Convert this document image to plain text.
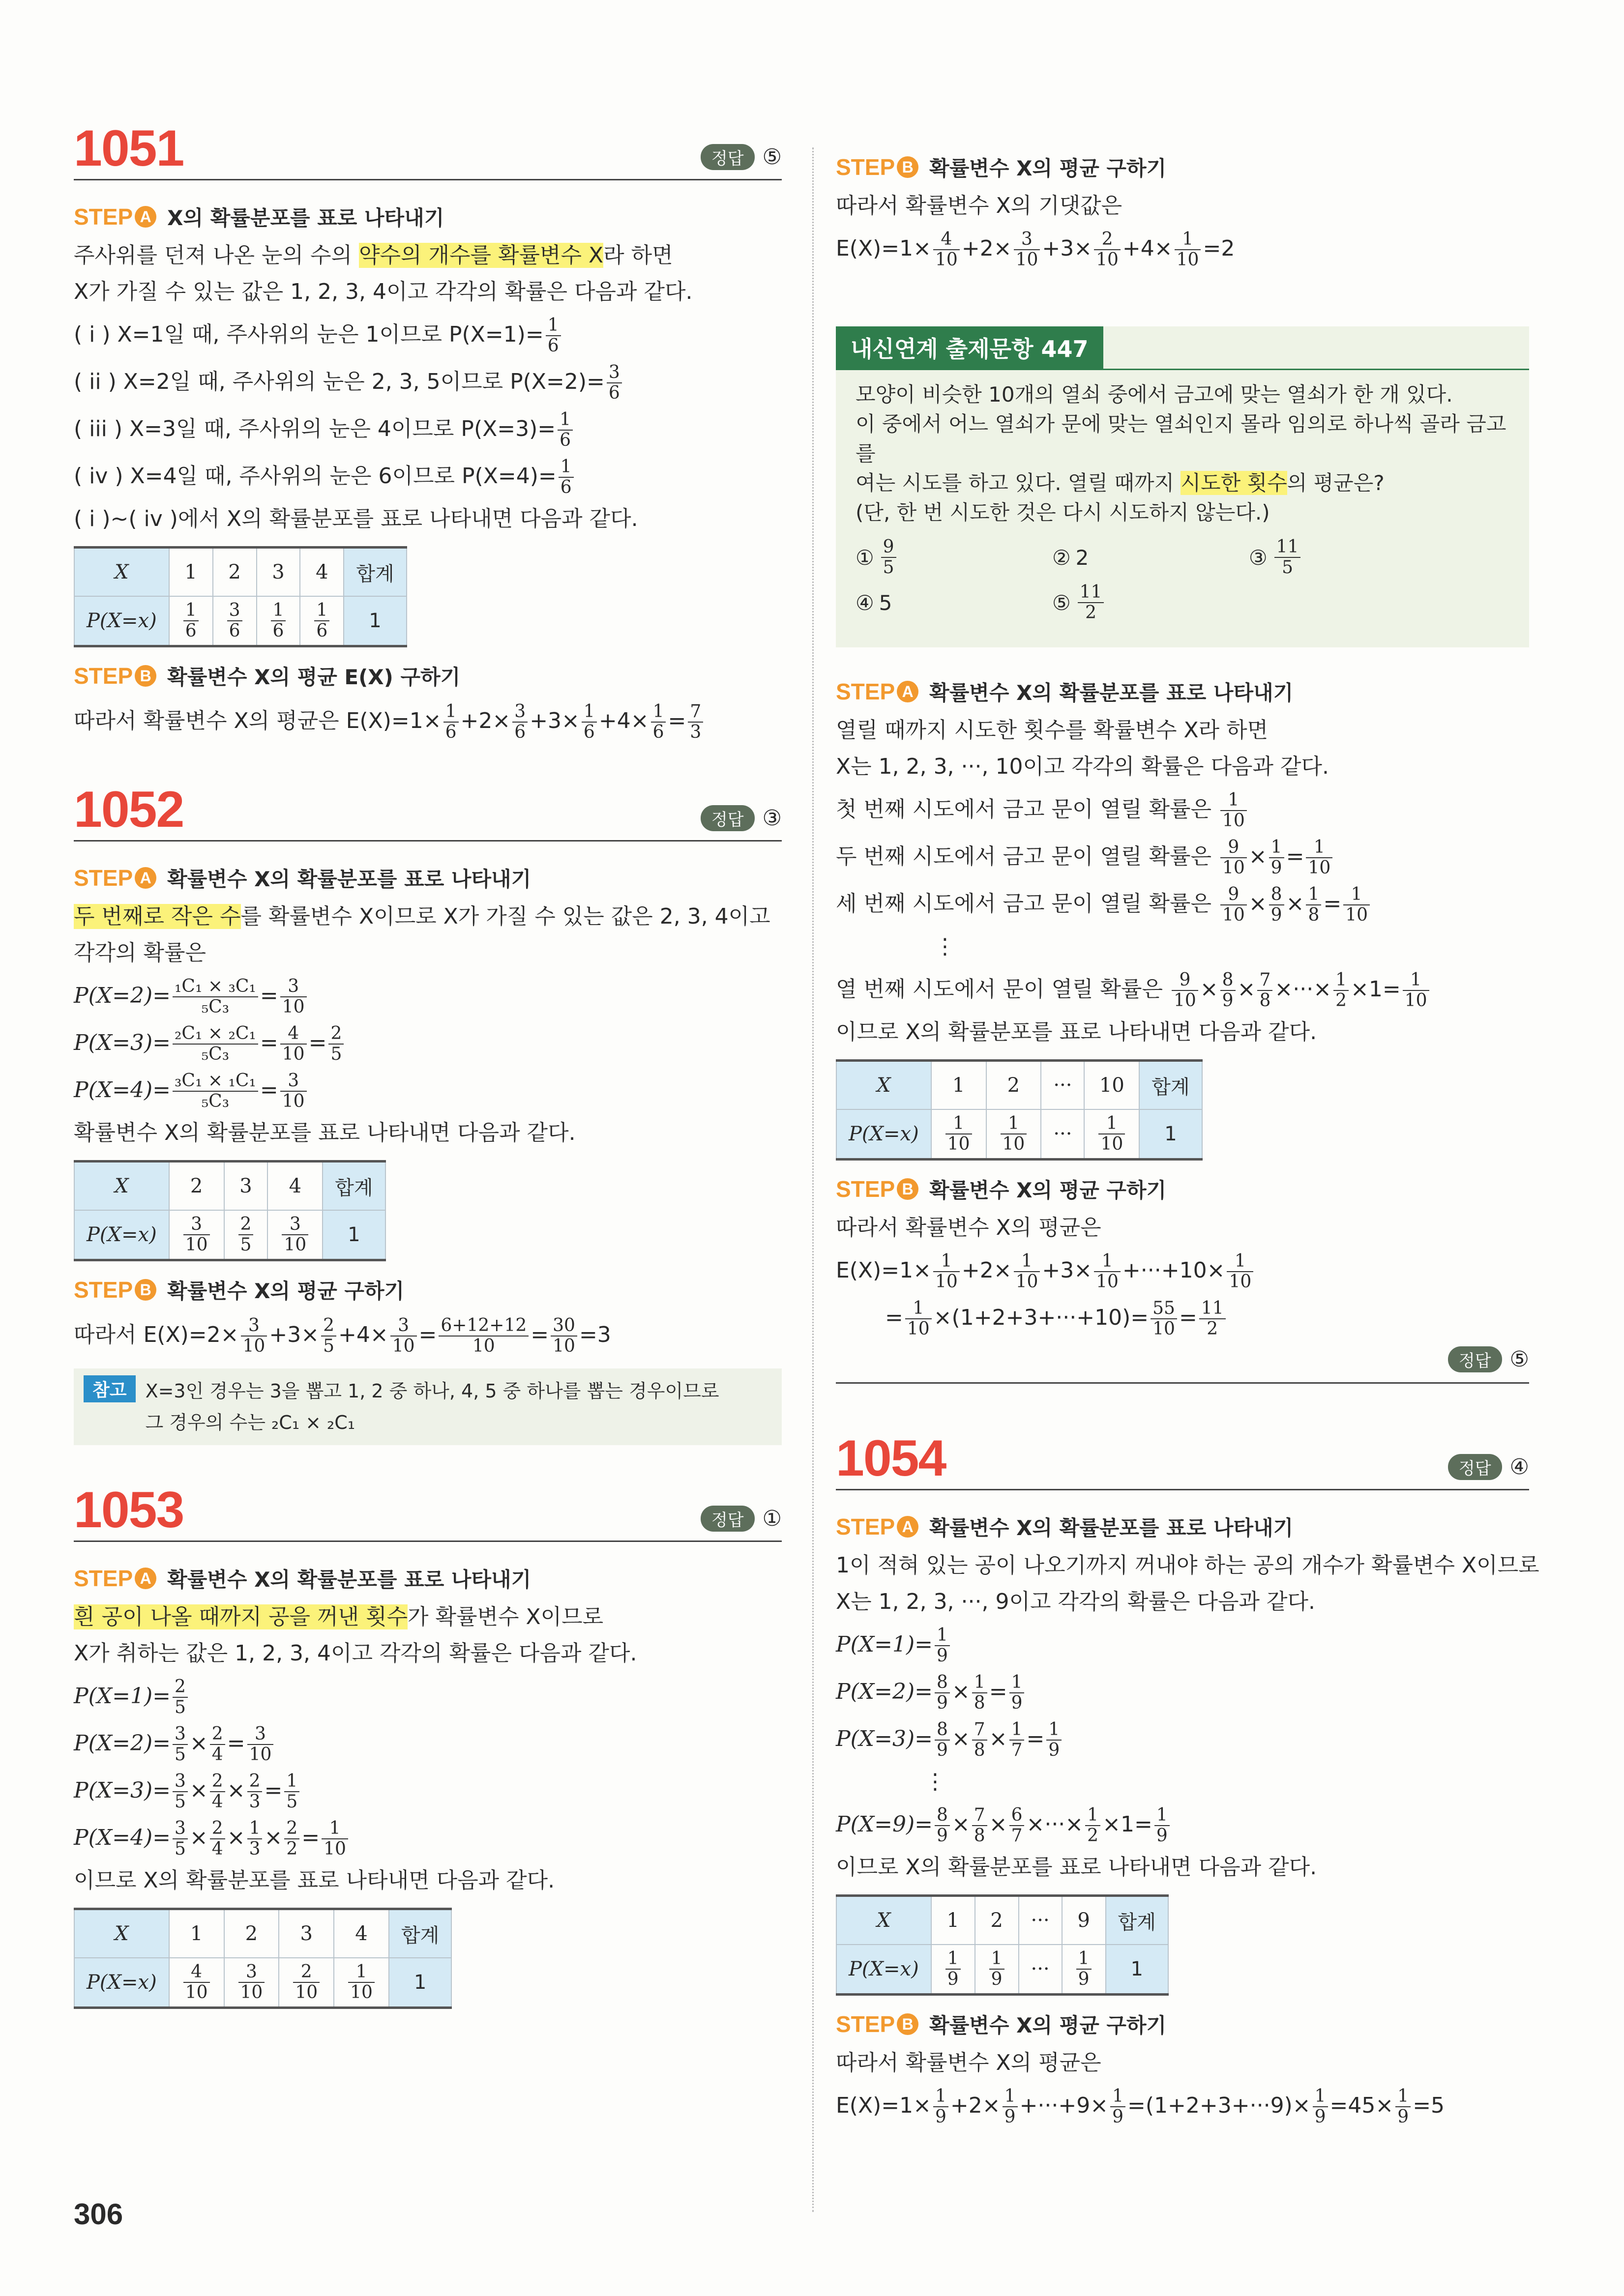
1051	정답 ⑤
STEP A X의 확률분포를 표로 나타내기
주사위를 던져 나온 눈의 수의 약수의 개수를 확률변수 X라 하면
X가 가질 수 있는 값은 1, 2, 3, 4이고 각각의 확률은 다음과 같다.
( i ) X=1일 때, 주사위의 눈은 1이므로 $P(X=1)= \frac{1}{6}$
( ii ) X=2일 때, 주사위의 눈은 2, 3, 5이므로 $P(X=2)= \frac{3}{6}$
( iii ) X=3일 때, 주사위의 눈은 4이므로 $P(X=3)= \frac{1}{6}$
( iv ) X=4일 때, 주사위의 눈은 6이므로 $P(X=4)= \frac{1}{6}$
( i )~( iv )에서 X의 확률분포를 표로 나타내면 다음과 같다.
X	1	2	3	4	합계
P(X=x)	$\frac{1}{6}$	$\frac{3}{6}$	$\frac{1}{6}$	$\frac{1}{6}$	1
STEP B 확률변수 X의 평균 E(X) 구하기
따라서 확률변수 X의 평균은 $E(X)=1\times \frac{1}{6} +2\times \frac{3}{6} +3\times \frac{1}{6} +4\times \frac{1}{6} = \frac{7}{3}$
1052	정답 ③
STEP A 확률변수 X의 확률분포를 표로 나타내기
두 번째로 작은 수를 확률변수 X이므로 X가 가질 수 있는 값은 2, 3, 4이고
각각의 확률은
$P(X=2)= \frac{\text{₁C₁ × ₃C₁}}{\text{₅C₃}} = \frac{3}{10}$
$P(X=3)= \frac{\text{₂C₁ × ₂C₁}}{\text{₅C₃}} = \frac{4}{10} = \frac{2}{5}$
$P(X=4)= \frac{\text{₃C₁ × ₁C₁}}{\text{₅C₃}} = \frac{3}{10}$
확률변수 X의 확률분포를 표로 나타내면 다음과 같다.
X	2	3	4	합계
P(X=x)	$\frac{3}{10}$	$\frac{2}{5}$	$\frac{3}{10}$	1
STEP B 확률변수 X의 평균 구하기
따라서 $E(X)=2\times \frac{3}{10} +3\times \frac{2}{5} +4\times \frac{3}{10} = \frac{6+12+12}{10} = \frac{30}{10} =3$
참고	X=3인 경우는 3을 뽑고 1, 2 중 하나, 4, 5 중 하나를 뽑는 경우이므로
그 경우의 수는 ₂C₁ × ₂C₁
1053	정답 ①
STEP A 확률변수 X의 확률분포를 표로 나타내기
흰 공이 나올 때까지 공을 꺼낸 횟수가 확률변수 X이므로
X가 취하는 값은 1, 2, 3, 4이고 각각의 확률은 다음과 같다.
$P(X=1)= \frac{2}{5}$
$P(X=2)= \frac{3}{5} \times \frac{2}{4} = \frac{3}{10}$
$P(X=3)= \frac{3}{5} \times \frac{2}{4} \times \frac{2}{3} = \frac{1}{5}$
$P(X=4)= \frac{3}{5} \times \frac{2}{4} \times \frac{1}{3} \times \frac{2}{2} = \frac{1}{10}$
이므로 X의 확률분포를 표로 나타내면 다음과 같다.
X	1	2	3	4	합계
P(X=x)	$\frac{4}{10}$	$\frac{3}{10}$	$\frac{2}{10}$	$\frac{1}{10}$	1
STEP B 확률변수 X의 평균 구하기
따라서 확률변수 X의 기댓값은
$E(X)=1\times \frac{4}{10} +2\times \frac{3}{10} +3\times \frac{2}{10} +4\times \frac{1}{10} =2$
내신연계 출제문항 447
모양이 비슷한 10개의 열쇠 중에서 금고에 맞는 열쇠가 한 개 있다.
이 중에서 어느 열쇠가 문에 맞는 열쇠인지 몰라 임의로 하나씩 골라 금고를
여는 시도를 하고 있다. 열릴 때까지 시도한 횟수의 평균은?
(단, 한 번 시도한 것은 다시 시도하지 않는다.)
① $\frac{9}{5}$	② 2	③ $\frac{11}{5}$
④ 5	⑤ $\frac{11}{2}$
STEP A 확률변수 X의 확률분포를 표로 나타내기
열릴 때까지 시도한 횟수를 확률변수 X라 하면
X는 1, 2, 3, ···, 10이고 각각의 확률은 다음과 같다.
첫 번째 시도에서 금고 문이 열릴 확률은 $\frac{1}{10}$
두 번째 시도에서 금고 문이 열릴 확률은 $\frac{9}{10} \times \frac{1}{9} = \frac{1}{10}$
세 번째 시도에서 금고 문이 열릴 확률은 $\frac{9}{10} \times \frac{8}{9} \times \frac{1}{8} = \frac{1}{10}$
⋮
열 번째 시도에서 문이 열릴 확률은 $\frac{9}{10} \times \frac{8}{9} \times \frac{7}{8}$ ×···× $\frac{1}{2} \times 1= \frac{1}{10}$
이므로 X의 확률분포를 표로 나타내면 다음과 같다.
X	1	2	···	10	합계
P(X=x)	$\frac{1}{10}$	$\frac{1}{10}$	···	$\frac{1}{10}$	1
STEP B 확률변수 X의 평균 구하기
따라서 확률변수 X의 평균은
$E(X)=1\times \frac{1}{10} +2\times \frac{1}{10} +3\times \frac{1}{10} +\cdot\cdot\cdot+10\times \frac{1}{10}$
= $\frac{1}{10} \times(1+2+3+\cdot\cdot\cdot+10)= \frac{55}{10} = \frac{11}{2}$
정답 ⑤
1054	정답 ④
STEP A 확률변수 X의 확률분포를 표로 나타내기
1이 적혀 있는 공이 나오기까지 꺼내야 하는 공의 개수가 확률변수 X이므로
X는 1, 2, 3, ···, 9이고 각각의 확률은 다음과 같다.
$P(X=1)= \frac{1}{9}$
$P(X=2)= \frac{8}{9} \times \frac{1}{8} = \frac{1}{9}$
$P(X=3)= \frac{8}{9} \times \frac{7}{8} \times \frac{1}{7} = \frac{1}{9}$
⋮
$P(X=9)= \frac{8}{9} \times \frac{7}{8} \times \frac{6}{7}$ ×···× $\frac{1}{2} \times 1= \frac{1}{9}$
이므로 X의 확률분포를 표로 나타내면 다음과 같다.
X	1	2	···	9	합계
P(X=x)	$\frac{1}{9}$	$\frac{1}{9}$	···	$\frac{1}{9}$	1
STEP B 확률변수 X의 평균 구하기
따라서 확률변수 X의 평균은
$E(X)=1\times \frac{1}{9} +2\times \frac{1}{9} +\cdot\cdot\cdot+9\times \frac{1}{9} =(1+2+3+\cdot\cdot\cdot 9)\times \frac{1}{9} =45\times \frac{1}{9} =5$
306
